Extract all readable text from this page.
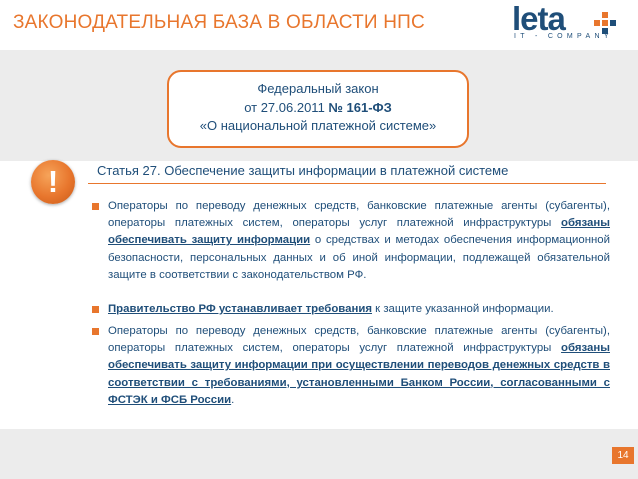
ЗАКОНОДАТЕЛЬНАЯ БАЗА В ОБЛАСТИ НПС	leta
IT - COMPANY
Федеральный закон
от 27.06.2011 № 161-ФЗ
«О национальной платежной системе»
!	Статья 27. Обеспечение защиты информации в платежной системе
Операторы по переводу денежных средств, банковские платежные агенты (субагенты), операторы платежных систем, операторы услуг платежной инфраструктуры обязаны обеспечивать защиту информации о средствах и методах обеспечения информационной безопасности, персональных данных и об иной информации, подлежащей обязательной защите в соответствии с законодательством РФ.
Правительство РФ устанавливает требования к защите указанной информации.
Операторы по переводу денежных средств, банковские платежные агенты (субагенты), операторы платежных систем, операторы услуг платежной инфраструктуры обязаны обеспечивать защиту информации при осуществлении переводов денежных средств в соответствии с требованиями, установленными Банком России, согласованными с ФСТЭК и ФСБ России.
14
